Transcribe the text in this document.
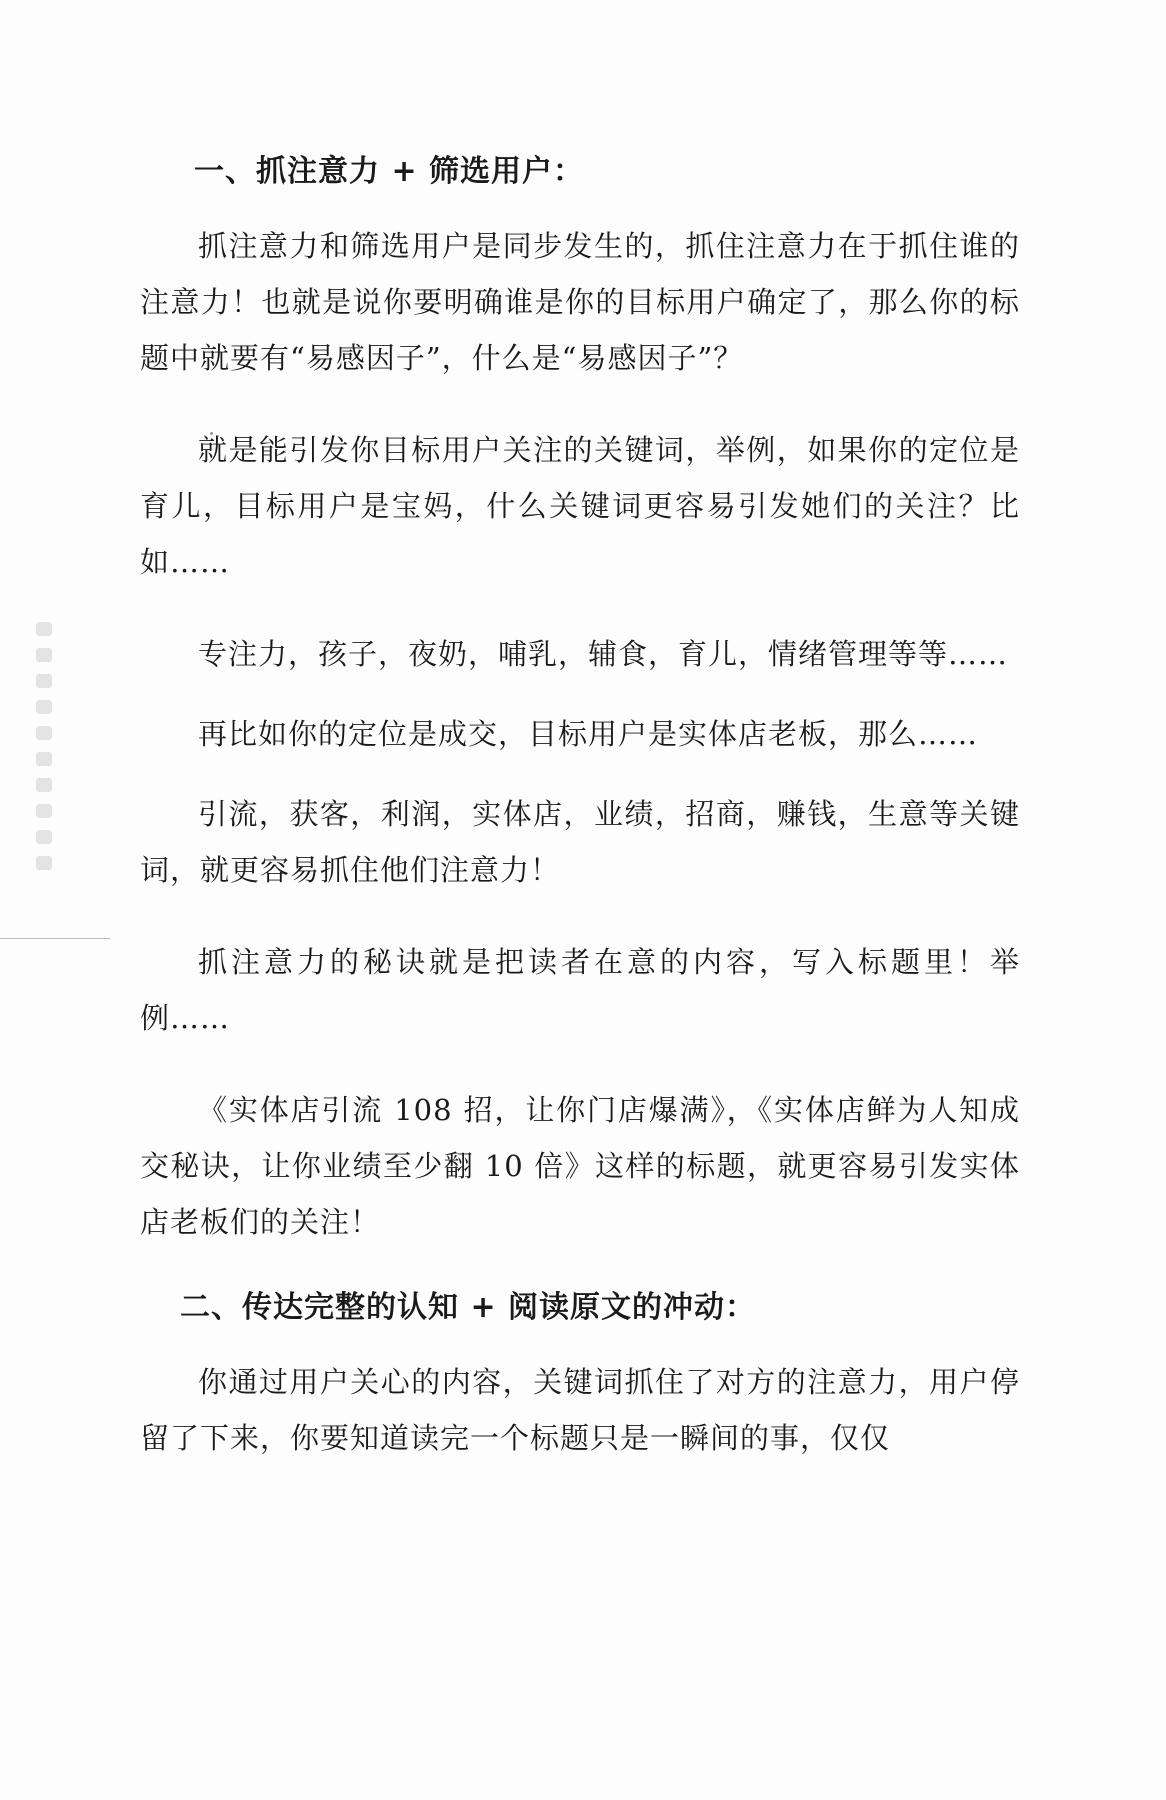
一、抓注意力 + 筛选用户：

抓注意力和筛选用户是同步发生的，抓住注意力在于抓住谁的注意力！也就是说你要明确谁是你的目标用户确定了，那么你的标题中就要有“易感因子”，什么是“易感因子”？

就是能引发你目标用户关注的关键词，举例，如果你的定位是育儿，目标用户是宝妈，什么关键词更容易引发她们的关注？比如……

专注力，孩子，夜奶，哺乳，辅食，育儿，情绪管理等等……

再比如你的定位是成交，目标用户是实体店老板，那么……

引流，获客，利润，实体店，业绩，招商，赚钱，生意等关键词，就更容易抓住他们注意力！

抓注意力的秘诀就是把读者在意的内容，写入标题里！举例……

《实体店引流 108 招，让你门店爆满》，《实体店鲜为人知成交秘诀，让你业绩至少翻 10 倍》这样的标题，就更容易引发实体店老板们的关注！

二、传达完整的认知 + 阅读原文的冲动：

你通过用户关心的内容，关键词抓住了对方的注意力，用户停留了下来，你要知道读完一个标题只是一瞬间的事，仅仅
